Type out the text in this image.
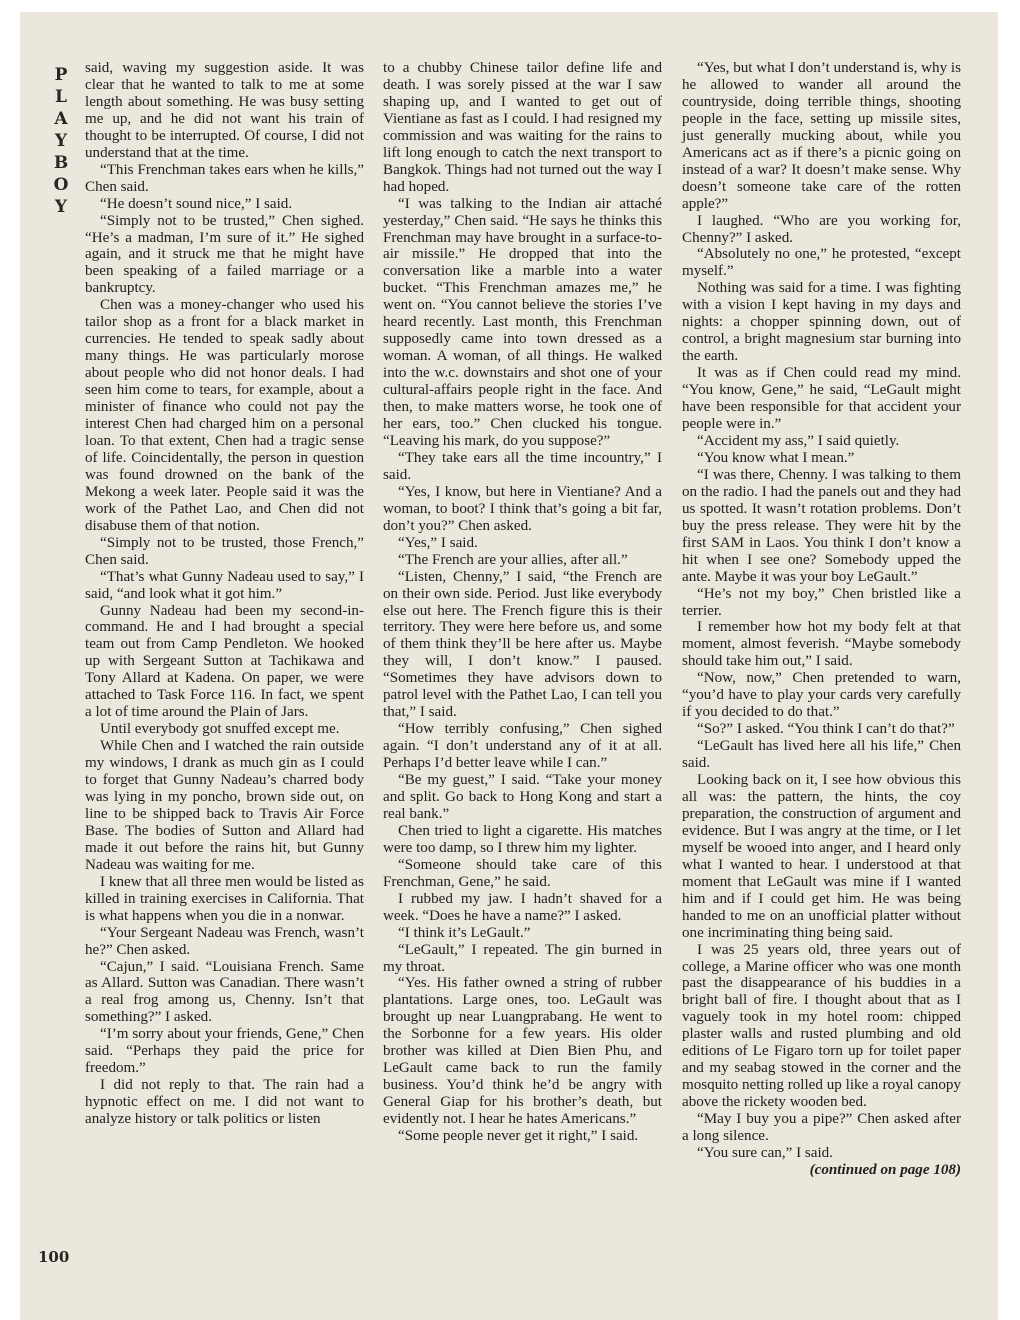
P
L
A
Y
B
O
Y
100

said, waving my suggestion aside. It was clear that he wanted to talk to me at some length about something. He was busy setting me up, and he did not want his train of thought to be interrupted. Of course, I did not understand that at the time.

“This Frenchman takes ears when he kills,” Chen said.

“He doesn’t sound nice,” I said.

“Simply not to be trusted,” Chen sighed. “He’s a madman, I’m sure of it.” He sighed again, and it struck me that he might have been speaking of a failed marriage or a bankruptcy.

Chen was a money-changer who used his tailor shop as a front for a black market in currencies. He tended to speak sadly about many things. He was particularly morose about people who did not honor deals. I had seen him come to tears, for example, about a minister of finance who could not pay the interest Chen had charged him on a personal loan. To that extent, Chen had a tragic sense of life. Coincidentally, the person in question was found drowned on the bank of the Mekong a week later. People said it was the work of the Pathet Lao, and Chen did not disabuse them of that notion.

“Simply not to be trusted, those French,” Chen said.

“That’s what Gunny Nadeau used to say,” I said, “and look what it got him.”

Gunny Nadeau had been my second-in-command. He and I had brought a special team out from Camp Pendleton. We hooked up with Sergeant Sutton at Tachikawa and Tony Allard at Kadena. On paper, we were attached to Task Force 116. In fact, we spent a lot of time around the Plain of Jars.

Until everybody got snuffed except me.

While Chen and I watched the rain outside my windows, I drank as much gin as I could to forget that Gunny Nadeau’s charred body was lying in my poncho, brown side out, on line to be shipped back to Travis Air Force Base. The bodies of Sutton and Allard had made it out before the rains hit, but Gunny Nadeau was waiting for me.

I knew that all three men would be listed as killed in training exercises in California. That is what happens when you die in a nonwar.

“Your Sergeant Nadeau was French, wasn’t he?” Chen asked.

“Cajun,” I said. “Louisiana French. Same as Allard. Sutton was Canadian. There wasn’t a real frog among us, Chenny. Isn’t that something?” I asked.

“I’m sorry about your friends, Gene,” Chen said. “Perhaps they paid the price for freedom.”

I did not reply to that. The rain had a hypnotic effect on me. I did not want to analyze history or talk politics or listen

to a chubby Chinese tailor define life and death. I was sorely pissed at the war I saw shaping up, and I wanted to get out of Vientiane as fast as I could. I had resigned my commission and was waiting for the rains to lift long enough to catch the next transport to Bangkok. Things had not turned out the way I had hoped.

“I was talking to the Indian air attaché yesterday,” Chen said. “He says he thinks this Frenchman may have brought in a surface-to-air missile.” He dropped that into the conversation like a marble into a water bucket. “This Frenchman amazes me,” he went on. “You cannot believe the stories I’ve heard recently. Last month, this Frenchman supposedly came into town dressed as a woman. A woman, of all things. He walked into the w.c. downstairs and shot one of your cultural-affairs people right in the face. And then, to make matters worse, he took one of her ears, too.” Chen clucked his tongue. “Leaving his mark, do you suppose?”

“They take ears all the time incountry,” I said.

“Yes, I know, but here in Vientiane? And a woman, to boot? I think that’s going a bit far, don’t you?” Chen asked.

“Yes,” I said.

“The French are your allies, after all.”

“Listen, Chenny,” I said, “the French are on their own side. Period. Just like everybody else out here. The French figure this is their territory. They were here before us, and some of them think they’ll be here after us. Maybe they will, I don’t know.” I paused. “Sometimes they have advisors down to patrol level with the Pathet Lao, I can tell you that,” I said.

“How terribly confusing,” Chen sighed again. “I don’t understand any of it at all. Perhaps I’d better leave while I can.”

“Be my guest,” I said. “Take your money and split. Go back to Hong Kong and start a real bank.”

Chen tried to light a cigarette. His matches were too damp, so I threw him my lighter.

“Someone should take care of this Frenchman, Gene,” he said.

I rubbed my jaw. I hadn’t shaved for a week. “Does he have a name?” I asked.

“I think it’s LeGault.”

“LeGault,” I repeated. The gin burned in my throat.

“Yes. His father owned a string of rubber plantations. Large ones, too. LeGault was brought up near Luangprabang. He went to the Sorbonne for a few years. His older brother was killed at Dien Bien Phu, and LeGault came back to run the family business. You’d think he’d be angry with General Giap for his brother’s death, but evidently not. I hear he hates Americans.”

“Some people never get it right,” I said.

“Yes, but what I don’t understand is, why is he allowed to wander all around the countryside, doing terrible things, shooting people in the face, setting up missile sites, just generally mucking about, while you Americans act as if there’s a picnic going on instead of a war? It doesn’t make sense. Why doesn’t someone take care of the rotten apple?”

I laughed. “Who are you working for, Chenny?” I asked.

“Absolutely no one,” he protested, “except myself.”

Nothing was said for a time. I was fighting with a vision I kept having in my days and nights: a chopper spinning down, out of control, a bright magnesium star burning into the earth.

It was as if Chen could read my mind. “You know, Gene,” he said, “LeGault might have been responsible for that accident your people were in.”

“Accident my ass,” I said quietly.

“You know what I mean.”

“I was there, Chenny. I was talking to them on the radio. I had the panels out and they had us spotted. It wasn’t rotation problems. Don’t buy the press release. They were hit by the first SAM in Laos. You think I don’t know a hit when I see one? Somebody upped the ante. Maybe it was your boy LeGault.”

“He’s not my boy,” Chen bristled like a terrier.

I remember how hot my body felt at that moment, almost feverish. “Maybe somebody should take him out,” I said.

“Now, now,” Chen pretended to warn, “you’d have to play your cards very carefully if you decided to do that.”

“So?” I asked. “You think I can’t do that?”

“LeGault has lived here all his life,” Chen said.

Looking back on it, I see how obvious this all was: the pattern, the hints, the coy preparation, the construction of argument and evidence. But I was angry at the time, or I let myself be wooed into anger, and I heard only what I wanted to hear. I understood at that moment that LeGault was mine if I wanted him and if I could get him. He was being handed to me on an unofficial platter without one incriminating thing being said.

I was 25 years old, three years out of college, a Marine officer who was one month past the disappearance of his buddies in a bright ball of fire. I thought about that as I vaguely took in my hotel room: chipped plaster walls and rusted plumbing and old editions of Le Figaro torn up for toilet paper and my seabag stowed in the corner and the mosquito netting rolled up like a royal canopy above the rickety wooden bed.

“May I buy you a pipe?” Chen asked after a long silence.

“You sure can,” I said.

(continued on page 108)
